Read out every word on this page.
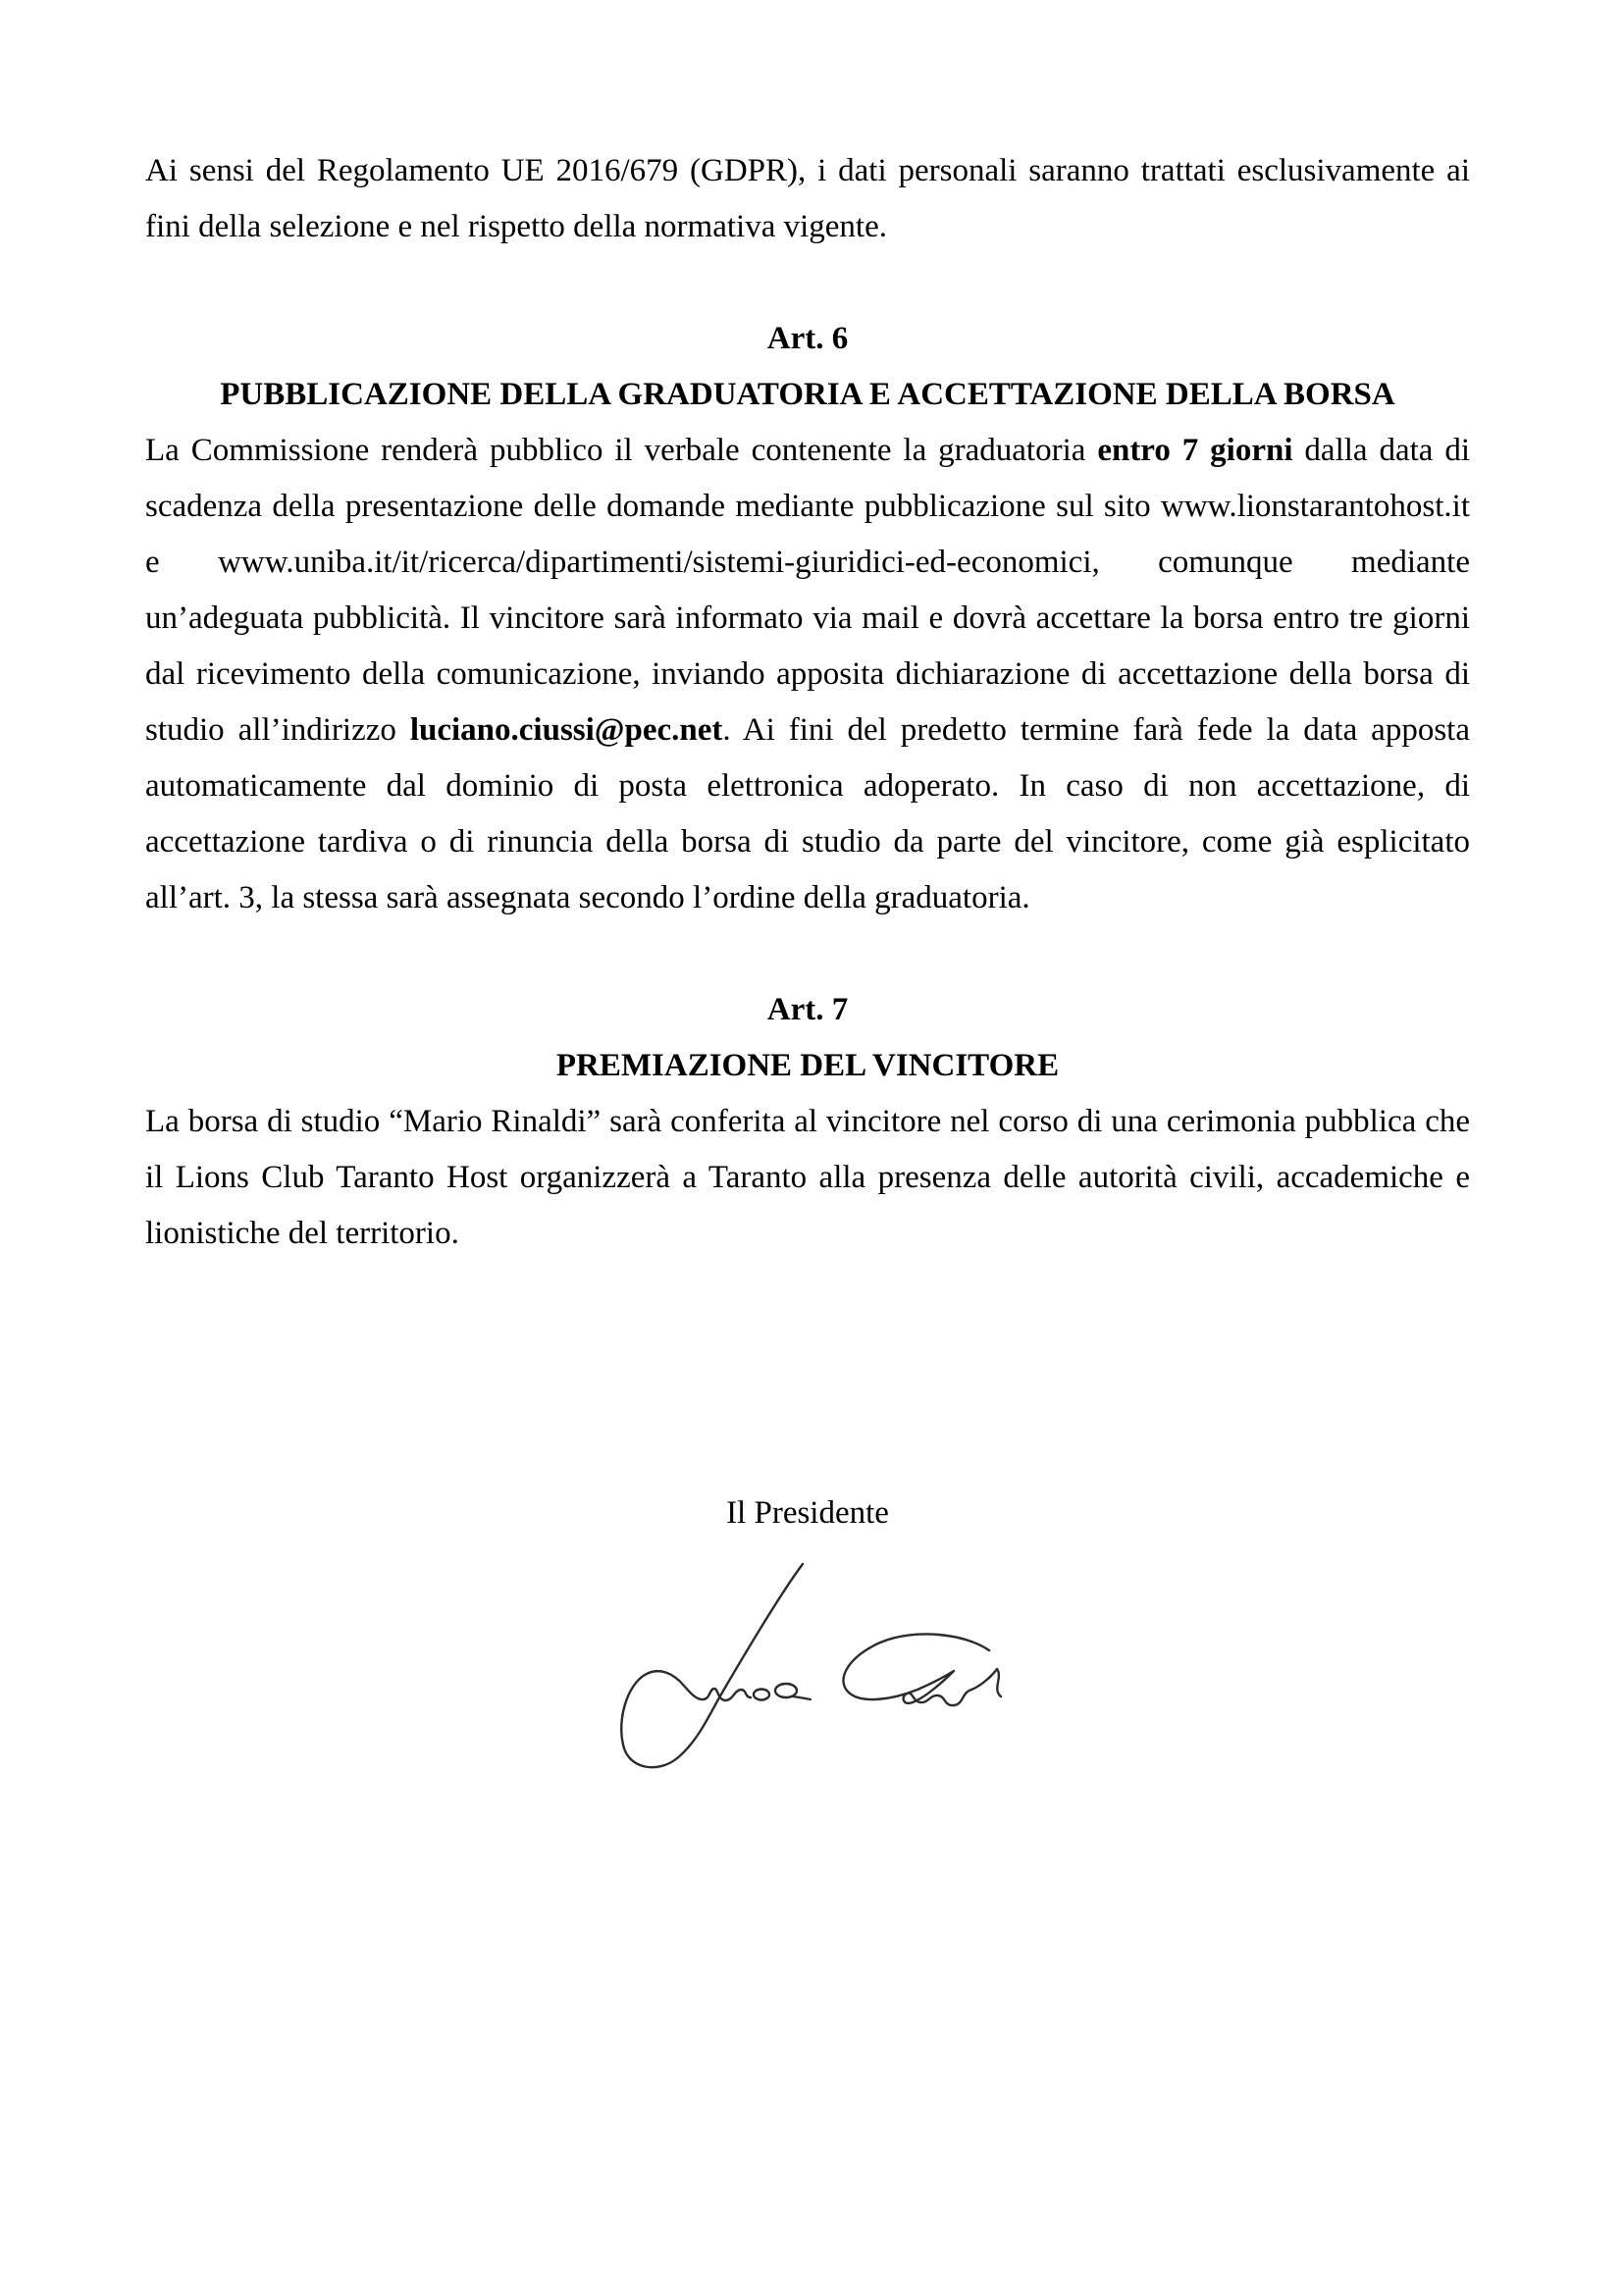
Ai sensi del Regolamento UE 2016/679 (GDPR), i dati personali saranno trattati esclusivamente ai fini della selezione e nel rispetto della normativa vigente.

Art. 6
PUBBLICAZIONE DELLA GRADUATORIA E ACCETTAZIONE DELLA BORSA

La Commissione renderà pubblico il verbale contenente la graduatoria entro 7 giorni dalla data di scadenza della presentazione delle domande mediante pubblicazione sul sito www.lionstarantohost.it e www.uniba.it/it/ricerca/dipartimenti/sistemi-giuridici-ed-economici, comunque mediante un’adeguata pubblicità. Il vincitore sarà informato via mail e dovrà accettare la borsa entro tre giorni dal ricevimento della comunicazione, inviando apposita dichiarazione di accettazione della borsa di studio all’indirizzo luciano.ciussi@pec.net. Ai fini del predetto termine farà fede la data apposta automaticamente dal dominio di posta elettronica adoperato. In caso di non accettazione, di accettazione tardiva o di rinuncia della borsa di studio da parte del vincitore, come già esplicitato all’art. 3, la stessa sarà assegnata secondo l’ordine della graduatoria.

Art. 7
PREMIAZIONE DEL VINCITORE

La borsa di studio “Mario Rinaldi” sarà conferita al vincitore nel corso di una cerimonia pubblica che il Lions Club Taranto Host organizzerà a Taranto alla presenza delle autorità civili, accademiche e lionistiche del territorio.

Il Presidente
